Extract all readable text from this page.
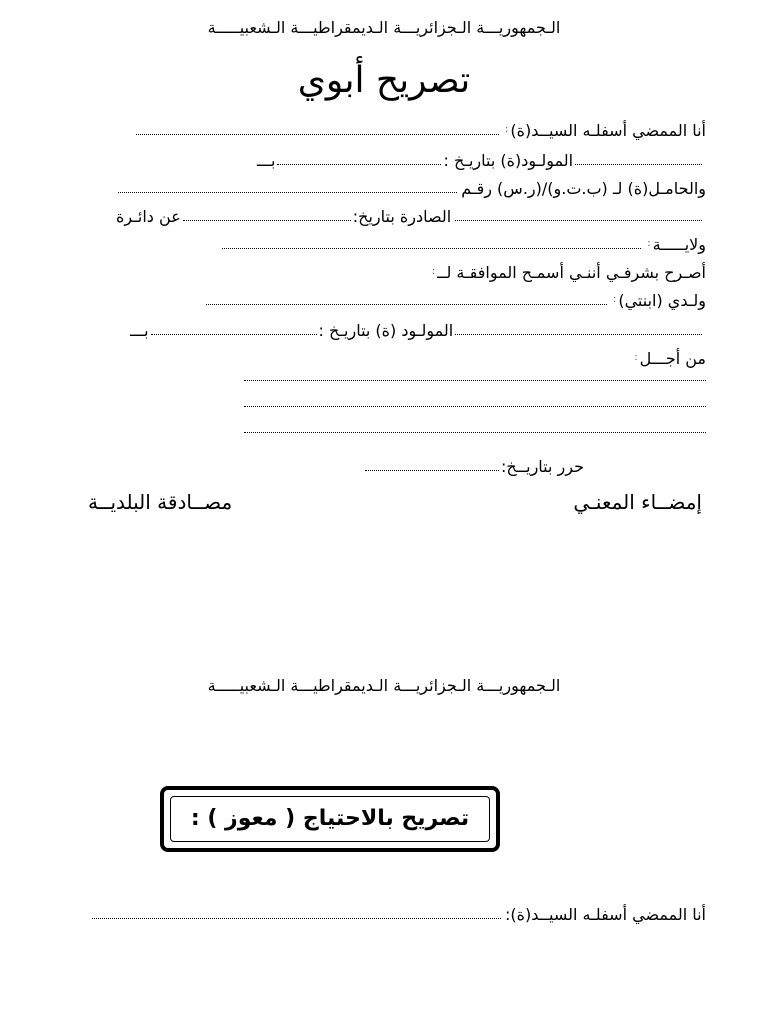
الـجمهوريـــة الـجزائريـــة الـديمقراطيـــة الـشعبيـــــة
تصريح أبوي
أنا الممضي أسفلـه السيــد(ة)
:
المولـود(ة) بتاريـخ :
بـــ
والحامـل(ة) لـ (ب.ت.و)/(ر.س) رقـم
الصادرة بتاريخ:
عن دائـرة
ولايـــــة
:
أصـرح بشرفـي أننـي أسمـح الموافقـة لــ
:
ولـدي (ابنتي)
:
المولـود (ة) بتاريـخ :
بـــ
من أجـــل
:
حرر بتاريــخ:
إمضــاء المعنـي
مصــادقة البلديــة
الـجمهوريـــة الـجزائريـــة الـديمقراطيـــة الـشعبيـــــة
تصريح بالاحتياج ( معوز ) :
أنا الممضي أسفلـه السيــد(ة):
